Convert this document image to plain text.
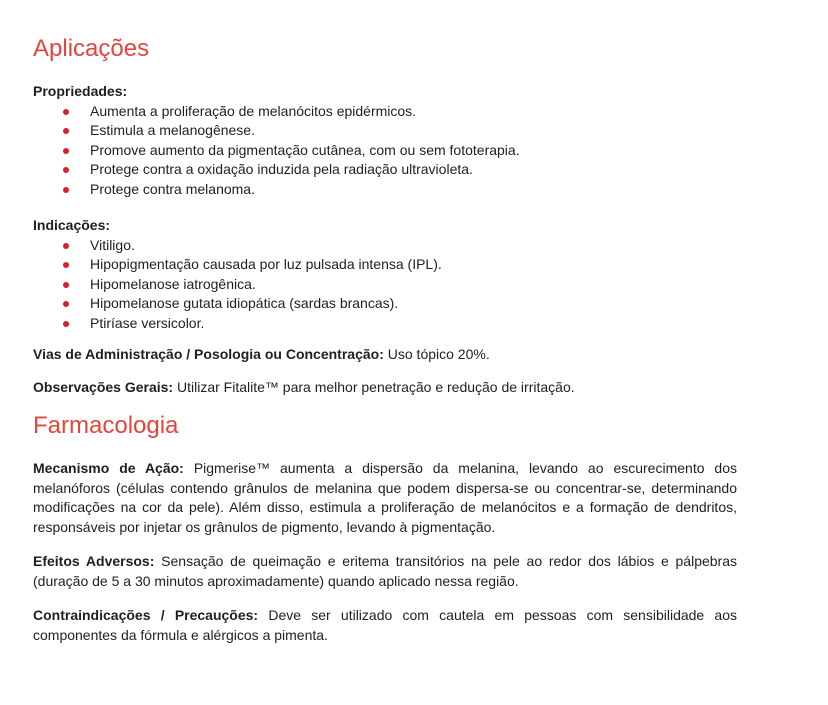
Aplicações

Propriedades:

Aumenta a proliferação de melanócitos epidérmicos.
Estimula a melanogênese.
Promove aumento da pigmentação cutânea, com ou sem fototerapia.
Protege contra a oxidação induzida pela radiação ultravioleta.
Protege contra melanoma.

Indicações:

Vitiligo.
Hipopigmentação causada por luz pulsada intensa (IPL).
Hipomelanose iatrogênica.
Hipomelanose gutata idiopática (sardas brancas).
Ptiríase versicolor.

Vias de Administração / Posologia ou Concentração: Uso tópico 20%.

Observações Gerais: Utilizar Fitalite™ para melhor penetração e redução de irritação.

Farmacologia

Mecanismo de Ação: Pigmerise™ aumenta a dispersão da melanina, levando ao escurecimento dos melanóforos (células contendo grânulos de melanina que podem dispersa-se ou concentrar-se, determinando modificações na cor da pele). Além disso, estimula a proliferação de melanócitos e a formação de dendritos, responsáveis por injetar os grânulos de pigmento, levando à pigmentação.

Efeitos Adversos: Sensação de queimação e eritema transitórios na pele ao redor dos lábios e pálpebras (duração de 5 a 30 minutos aproximadamente) quando aplicado nessa região.

Contraindicações / Precauções: Deve ser utilizado com cautela em pessoas com sensibilidade aos componentes da fórmula e alérgicos a pimenta.
